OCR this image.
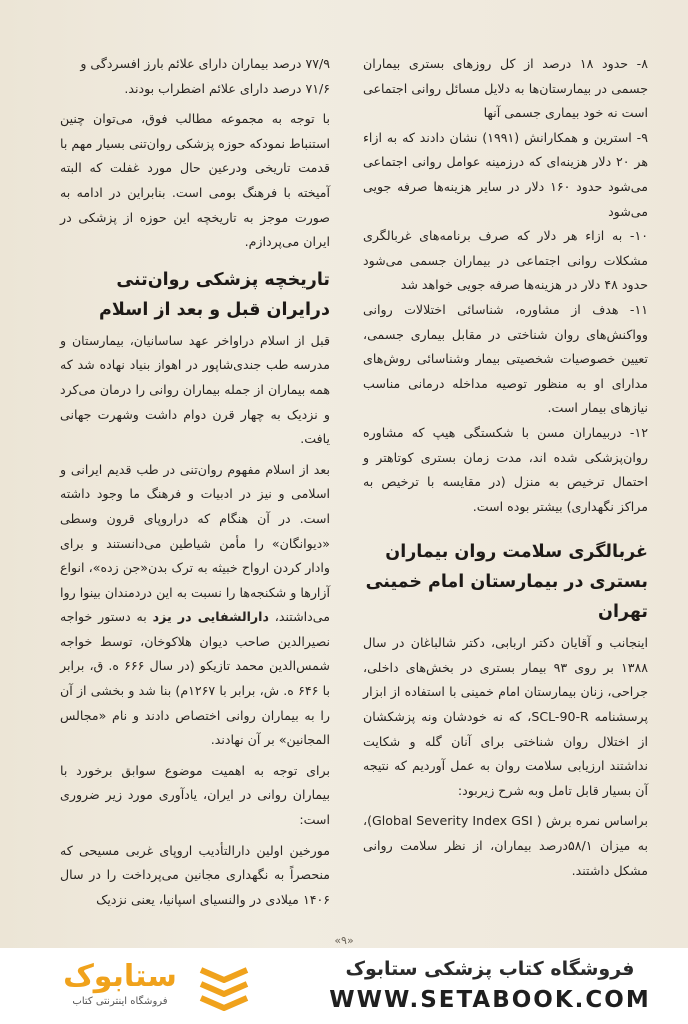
۸- حدود ۱۸ درصد از کل روزهای بستری بیماران جسمی در بیمارستان‌ها به دلایل مسائل روانی اجتماعی است نه خود بیماری جسمی آنها

۹- استرین و همکارانش (۱۹۹۱) نشان دادند که به ازاء هر ۲۰ دلار هزینه‌ای که درزمینه عوامل روانی اجتماعی می‌شود حدود ۱۶۰ دلار در سایر هزینه‌ها صرفه جویی می‌شود

۱۰- به ازاء هر دلار که صرف برنامه‌های غربالگری مشکلات روانی اجتماعی در بیماران جسمی می‌شود حدود ۴۸ دلار در هزینه‌ها صرفه جویی خواهد شد

۱۱- هدف از مشاوره، شناسائی اختلالات روانی وواکنش‌های روان شناختی در مقابل بیماری جسمی، تعیین خصوصیات شخصیتی بیمار وشناسائی روش‌های مدارای او به منظور توصیه مداخله درمانی مناسب نیازهای بیمار است.

۱۲- دربیماران مسن با شکستگی هیپ که مشاوره روان‌پزشکی شده اند، مدت زمان بستری کوتاهتر و احتمال ترخیص به منزل (در مقایسه با ترخیص به مراکز نگهداری) بیشتر بوده است.

غربالگری سلامت روان بیماران بستری در بیمارستان امام خمینی تهران

اینجانب و آقایان دکتر اربابی، دکتر شالباغان در سال ۱۳۸۸ بر روی ۹۳ بیمار بستری در بخش‌های داخلی، جراحی، زنان بیمارستان امام خمینی با استفاده از ابزار پرسشنامه SCL-90-R، که نه خودشان ونه پزشکشان از اختلال روان شناختی برای آنان گله و شکایت نداشتند ارزیابی سلامت روان به عمل آوردیم که نتیجه آن بسیار قابل تامل وبه شرح زیربود:

براساس نمره برش ( Global Severity Index GSI)، به میزان ۵۸/۱درصد بیماران، از نظر سلامت روانی مشکل داشتند.

۷۷/۹ درصد بیماران دارای علائم بارز افسردگی و

۷۱/۶ درصد دارای علائم اضطراب بودند.

با توجه به مجموعه مطالب فوق، می‌توان چنین استنباط نمودکه حوزه پزشکی روان‌تنی بسیار مهم با قدمت تاریخی ودرعین حال مورد غفلت که البته آمیخته با فرهنگ بومی است. بنابراین در ادامه به صورت موجز به تاریخچه این حوزه از پزشکی در ایران می‌پردازم.

تاریخچه پزشکی روان‌تنی درایران قبل و بعد از اسلام

قبل از اسلام دراواخر عهد ساسانیان، بیمارستان و مدرسه طب جندی‌شاپور در اهواز بنیاد نهاده شد که همه بیماران از جمله بیماران روانی را درمان می‌کرد و نزدیک به چهار قرن دوام داشت وشهرت جهانی یافت.

بعد از اسلام مفهوم روان‌تنی در طب قدیم ایرانی و اسلامی و نیز در ادبیات و فرهنگ ما وجود داشته است. در آن هنگام که دراروپای قرون وسطی «دیوانگان» را مأمن شیاطین می‌دانستند و برای وادار کردن ارواح خبیثه به ترک بدن«جن زده»، انواع آزارها و شکنجه‌ها را نسبت به این دردمندان بینوا روا می‌داشتند، دارالشفایی در یزد به دستور خواجه نصیرالدین صاحب دیوان هلاکوخان، توسط خواجه شمس‌الدین محمد تازیکو (در سال ۶۶۶ ه. ق، برابر با ۶۴۶ ه. ش، برابر با ۱۲۶۷م) بنا شد و بخشی از آن را به بیماران روانی اختصاص دادند و نام «مجالس المجانین» بر آن نهادند.

برای توجه به اهمیت موضوع سوابق برخورد با بیماران روانی در ایران، یادآوری مورد زیر ضروری است:

مورخین اولین دارالتأدیب اروپای غربی مسیحی که منحصراً به نگهداری مجانین می‌پرداخت را در سال ۱۴۰۶ میلادی در والنسیای اسپانیا، یعنی نزدیک

«۹»
ستابوک
فروشگاه اینترنتی کتاب
فروشگاه کتاب پزشکی ستابوک
WWW.SETABOOK.COM
